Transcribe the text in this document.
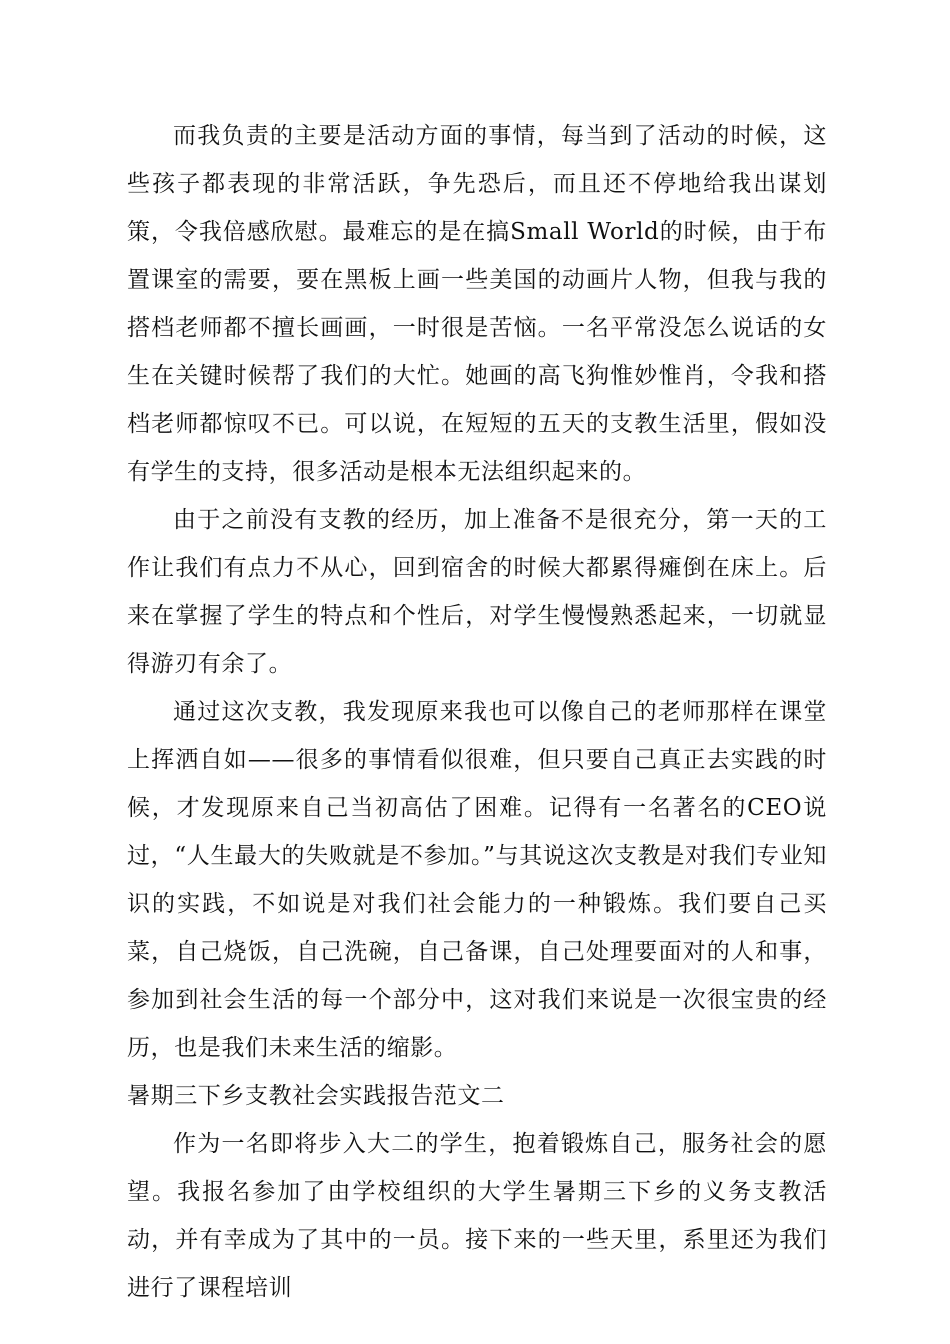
而我负责的主要是活动方面的事情，每当到了活动的时候，这些孩子都表现的非常活跃，争先恐后，而且还不停地给我出谋划策，令我倍感欣慰。最难忘的是在搞Small World的时候，由于布置课室的需要，要在黑板上画一些美国的动画片人物，但我与我的搭档老师都不擅长画画，一时很是苦恼。一名平常没怎么说话的女生在关键时候帮了我们的大忙。她画的高飞狗惟妙惟肖，令我和搭档老师都惊叹不已。可以说，在短短的五天的支教生活里，假如没有学生的支持，很多活动是根本无法组织起来的。

由于之前没有支教的经历，加上准备不是很充分，第一天的工作让我们有点力不从心，回到宿舍的时候大都累得瘫倒在床上。后来在掌握了学生的特点和个性后，对学生慢慢熟悉起来，一切就显得游刃有余了。

通过这次支教，我发现原来我也可以像自己的老师那样在课堂上挥洒自如——很多的事情看似很难，但只要自己真正去实践的时候，才发现原来自己当初高估了困难。记得有一名著名的CEO说过，“人生最大的失败就是不参加。”与其说这次支教是对我们专业知识的实践，不如说是对我们社会能力的一种锻炼。我们要自己买菜，自己烧饭，自己洗碗，自己备课，自己处理要面对的人和事，参加到社会生活的每一个部分中，这对我们来说是一次很宝贵的经历，也是我们未来生活的缩影。

暑期三下乡支教社会实践报告范文二

作为一名即将步入大二的学生，抱着锻炼自己，服务社会的愿望。我报名参加了由学校组织的大学生暑期三下乡的义务支教活动，并有幸成为了其中的一员。接下来的一些天里，系里还为我们进行了课程培训
